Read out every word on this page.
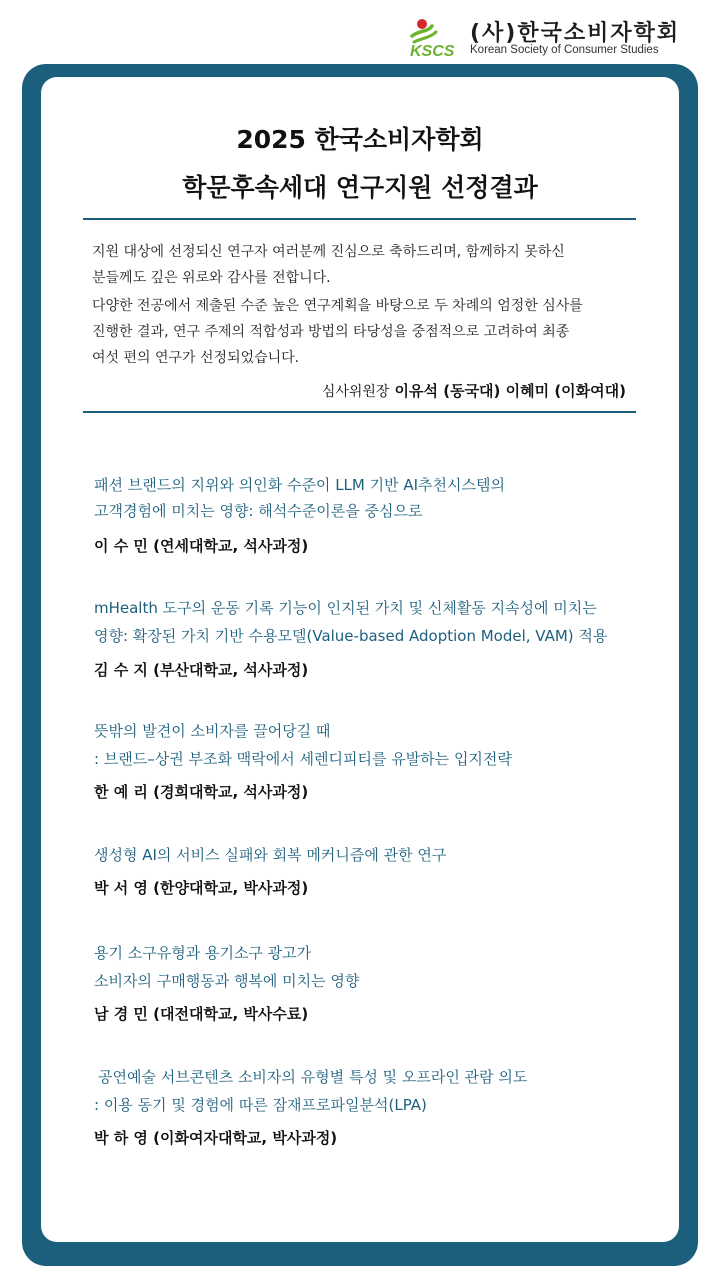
KSCS
(사)한국소비자학회
Korean Society of Consumer Studies
2025 한국소비자학회
학문후속세대 연구지원 선정결과
지원 대상에 선정되신 연구자 여러분께 진심으로 축하드리며, 함께하지 못하신
분들께도 깊은 위로와 감사를 전합니다.
다양한 전공에서 제출된 수준 높은 연구계획을 바탕으로 두 차례의 엄정한 심사를
진행한 결과, 연구 주제의 적합성과 방법의 타당성을 중점적으로 고려하여 최종
여섯 편의 연구가 선정되었습니다.
심사위원장 이유석 (동국대) 이혜미 (이화여대)
패션 브랜드의 지위와 의인화 수준이 LLM 기반 AI추천시스템의
고객경험에 미치는 영향: 해석수준이론을 중심으로
이 수 민 (연세대학교, 석사과정)
mHealth 도구의 운동 기록 기능이 인지된 가치 및 신체활동 지속성에 미치는
영향: 확장된 가치 기반 수용모델(Value-based Adoption Model, VAM) 적용
김 수 지 (부산대학교, 석사과정)
뜻밖의 발견이 소비자를 끌어당길 때
: 브랜드–상권 부조화 맥락에서 세렌디피티를 유발하는 입지전략
한 예 리 (경희대학교, 석사과정)
생성형 AI의 서비스 실패와 회복 메커니즘에 관한 연구
박 서 영 (한양대학교, 박사과정)
용기 소구유형과 용기소구 광고가
소비자의 구매행동과 행복에 미치는 영향
남 경 민 (대전대학교, 박사수료)
공연예술 서브콘텐츠 소비자의 유형별 특성 및 오프라인 관람 의도
: 이용 동기 및 경험에 따른 잠재프로파일분석(LPA)
박 하 영 (이화여자대학교, 박사과정)
